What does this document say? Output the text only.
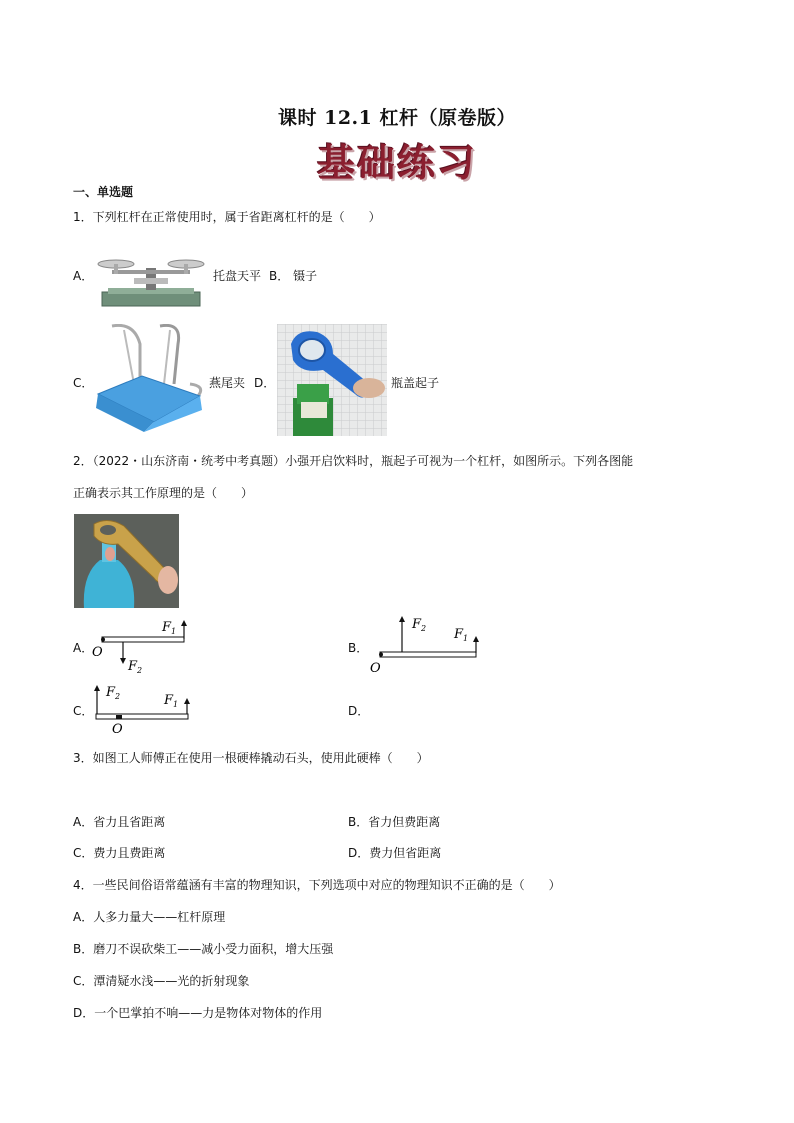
课时 12.1 杠杆（原卷版）
基础练习
一、单选题
1．下列杠杆在正常使用时，属于省距离杠杆的是（　　）
A．	托盘天平 B． 镊子
C．	燕尾夹 D．	瓶盖起子
2．（2022・山东济南・统考中考真题）小强开启饮料时，瓶起子可视为一个杠杆，如图所示。下列各图能
正确表示其工作原理的是（　　）
A．
F 1
F 2
O	B．
F 1
F 2
O
C．
F 2	F 1
O
D．
3．如图工人师傅正在使用一根硬棒撬动石头，使用此硬棒（　　）
A．省力且省距离	B．省力但费距离
C．费力且费距离	D．费力但省距离
4．一些民间俗语常蕴涵有丰富的物理知识，下列选项中对应的物理知识不正确的是（　　）
A．人多力量大——杠杆原理
B．磨刀不误砍柴工——减小受力面积，增大压强
C．潭清疑水浅——光的折射现象
D．一个巴掌拍不响——力是物体对物体的作用
